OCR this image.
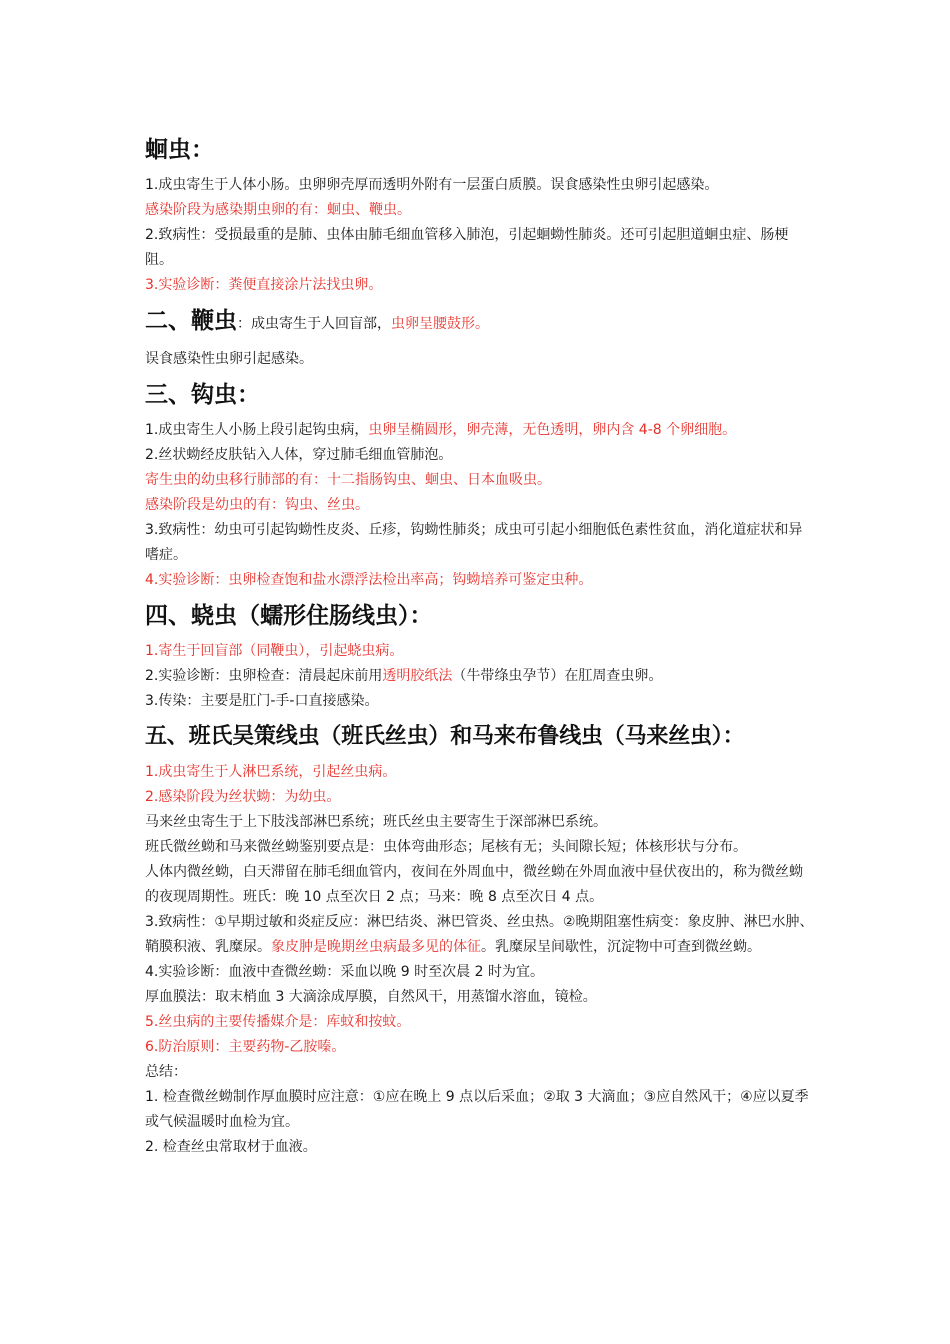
蛔虫：

1.成虫寄生于人体小肠。虫卵卵壳厚而透明外附有一层蛋白质膜。误食感染性虫卵引起感染。

感染阶段为感染期虫卵的有：蛔虫、鞭虫。

2.致病性：受损最重的是肺、虫体由肺毛细血管移入肺泡，引起蛔蚴性肺炎。还可引起胆道蛔虫症、肠梗阻。

3.实验诊断：粪便直接涂片法找虫卵。

二、鞭虫：成虫寄生于人回盲部，虫卵呈腰鼓形。

误食感染性虫卵引起感染。

三、钩虫：

1.成虫寄生人小肠上段引起钩虫病，虫卵呈椭圆形，卵壳薄，无色透明，卵内含 4-8 个卵细胞。

2.丝状蚴经皮肤钻入人体，穿过肺毛细血管肺泡。

寄生虫的幼虫移行肺部的有：十二指肠钩虫、蛔虫、日本血吸虫。

感染阶段是幼虫的有：钩虫、丝虫。

3.致病性：幼虫可引起钩蚴性皮炎、丘疹，钩蚴性肺炎；成虫可引起小细胞低色素性贫血，消化道症状和异嗜症。

4.实验诊断：虫卵检查饱和盐水漂浮法检出率高；钩蚴培养可鉴定虫种。

四、蛲虫（蠕形住肠线虫）：

1.寄生于回盲部（同鞭虫），引起蛲虫病。

2.实验诊断：虫卵检查：清晨起床前用透明胶纸法（牛带绦虫孕节）在肛周查虫卵。

3.传染：主要是肛门-手-口直接感染。

五、班氏吴策线虫（班氏丝虫）和马来布鲁线虫（马来丝虫）：

1.成虫寄生于人淋巴系统，引起丝虫病。

2.感染阶段为丝状蚴：为幼虫。

马来丝虫寄生于上下肢浅部淋巴系统；班氏丝虫主要寄生于深部淋巴系统。

班氏微丝蚴和马来微丝蚴鉴别要点是：虫体弯曲形态；尾核有无；头间隙长短；体核形状与分布。

人体内微丝蚴，白天滞留在肺毛细血管内，夜间在外周血中，微丝蚴在外周血液中昼伏夜出的，称为微丝蚴的夜现周期性。班氏：晚 10 点至次日 2 点；马来：晚 8 点至次日 4 点。

3.致病性：①早期过敏和炎症反应：淋巴结炎、淋巴管炎、丝虫热。②晚期阻塞性病变：象皮肿、淋巴水肿、鞘膜积液、乳糜尿。象皮肿是晚期丝虫病最多见的体征。乳糜尿呈间歇性，沉淀物中可查到微丝蚴。

4.实验诊断：血液中查微丝蚴：采血以晚 9 时至次晨 2 时为宜。

厚血膜法：取末梢血 3 大滴涂成厚膜，自然风干，用蒸馏水溶血，镜检。

5.丝虫病的主要传播媒介是：库蚊和按蚊。

6.防治原则：主要药物-乙胺嗪。

总结：

1. 检查微丝蚴制作厚血膜时应注意：①应在晚上 9 点以后采血；②取 3 大滴血；③应自然风干；④应以夏季或气候温暖时血检为宜。

2. 检查丝虫常取材于血液。
